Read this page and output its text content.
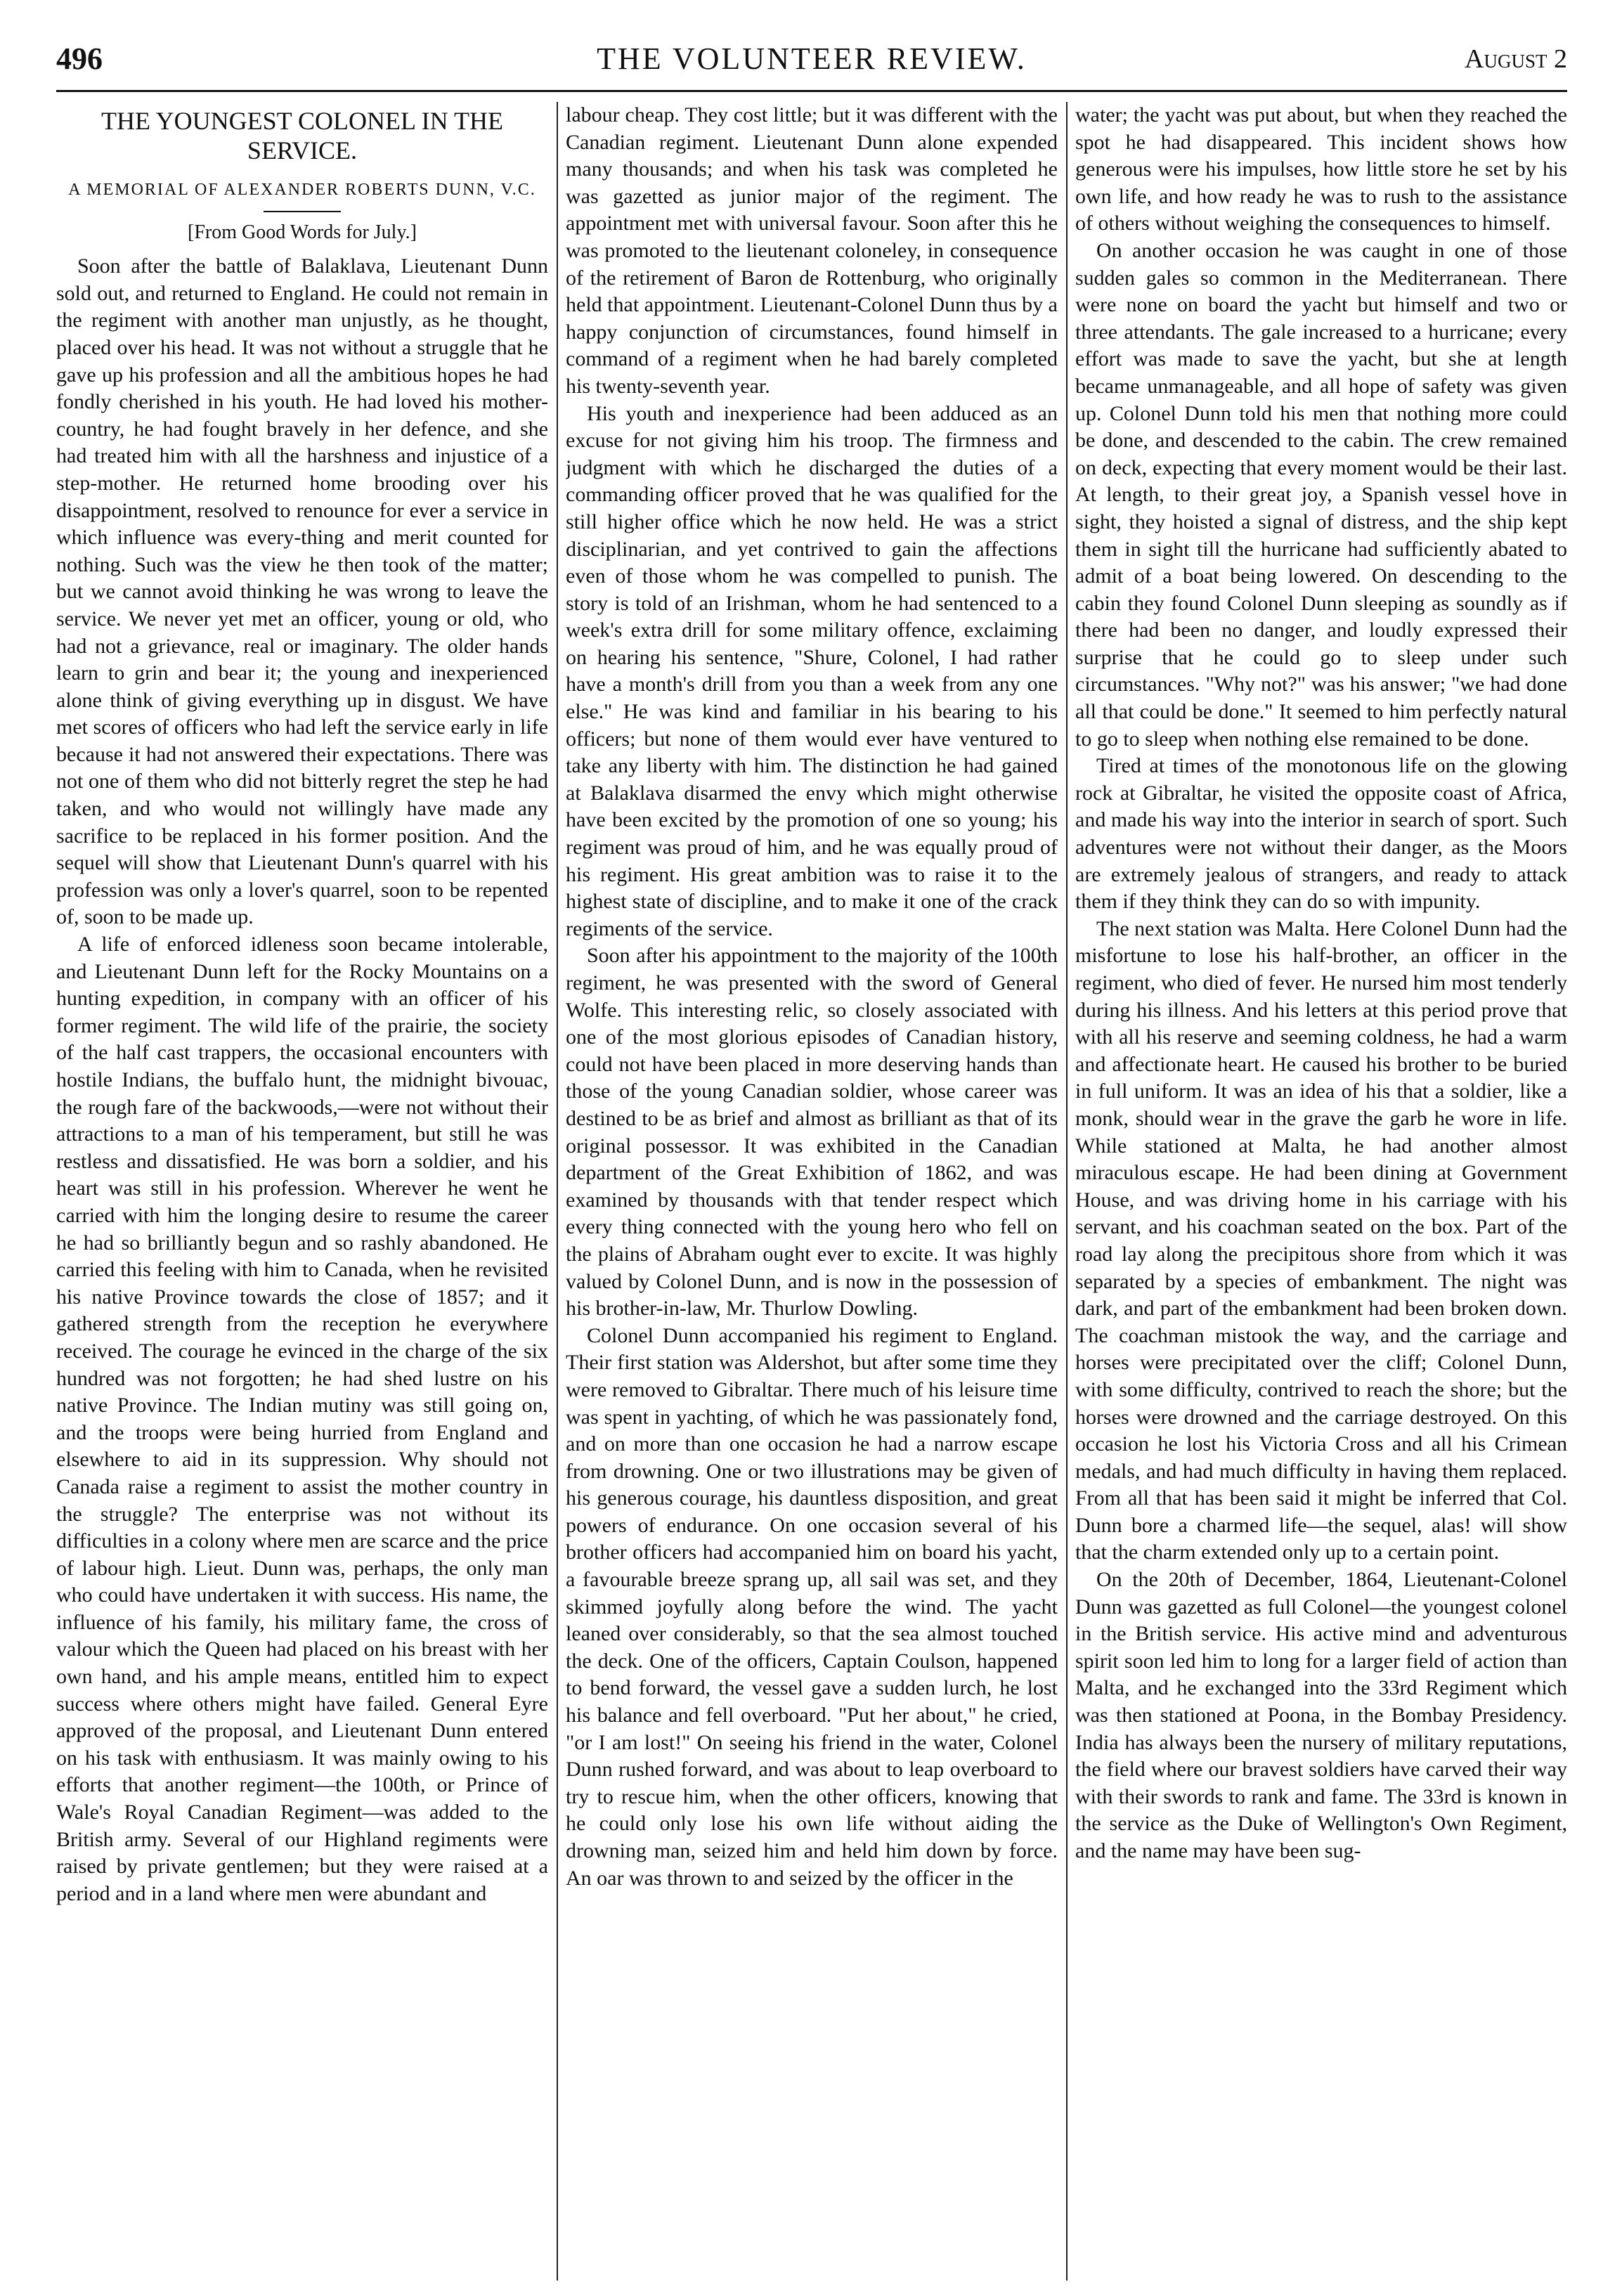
496	THE VOLUNTEER REVIEW.	August 2
THE YOUNGEST COLONEL IN THE SERVICE.
A MEMORIAL OF ALEXANDER ROBERTS DUNN, V.C.
[From Good Words for July.]

Soon after the battle of Balaklava, Lieutenant Dunn sold out, and returned to England. He could not remain in the regiment with another man unjustly, as he thought, placed over his head. It was not without a struggle that he gave up his profession and all the ambitious hopes he had fondly cherished in his youth. He had loved his mother-country, he had fought bravely in her defence, and she had treated him with all the harshness and injustice of a step-mother. He returned home brooding over his disappointment, resolved to renounce for ever a service in which influence was every-thing and merit counted for nothing. Such was the view he then took of the matter; but we cannot avoid thinking he was wrong to leave the service. We never yet met an officer, young or old, who had not a grievance, real or imaginary. The older hands learn to grin and bear it; the young and inexperienced alone think of giving everything up in disgust. We have met scores of officers who had left the service early in life because it had not answered their expectations. There was not one of them who did not bitterly regret the step he had taken, and who would not willingly have made any sacrifice to be replaced in his former position. And the sequel will show that Lieutenant Dunn's quarrel with his profession was only a lover's quarrel, soon to be repented of, soon to be made up.

A life of enforced idleness soon became intolerable, and Lieutenant Dunn left for the Rocky Mountains on a hunting expedition, in company with an officer of his former regiment. The wild life of the prairie, the society of the half cast trappers, the occasional encounters with hostile Indians, the buffalo hunt, the midnight bivouac, the rough fare of the backwoods,—were not without their attractions to a man of his temperament, but still he was restless and dissatisfied. He was born a soldier, and his heart was still in his profession. Wherever he went he carried with him the longing desire to resume the career he had so brilliantly begun and so rashly abandoned. He carried this feeling with him to Canada, when he revisited his native Province towards the close of 1857; and it gathered strength from the reception he everywhere received. The courage he evinced in the charge of the six hundred was not forgotten; he had shed lustre on his native Province. The Indian mutiny was still going on, and the troops were being hurried from England and elsewhere to aid in its suppression. Why should not Canada raise a regiment to assist the mother country in the struggle? The enterprise was not without its difficulties in a colony where men are scarce and the price of labour high. Lieut. Dunn was, perhaps, the only man who could have undertaken it with success. His name, the influence of his family, his military fame, the cross of valour which the Queen had placed on his breast with her own hand, and his ample means, entitled him to expect success where others might have failed. General Eyre approved of the proposal, and Lieutenant Dunn entered on his task with enthusiasm. It was mainly owing to his efforts that another regiment—the 100th, or Prince of Wale's Royal Canadian Regiment—was added to the British army. Several of our Highland regiments were raised by private gentlemen; but they were raised at a period and in a land where men were abundant and

labour cheap. They cost little; but it was different with the Canadian regiment. Lieutenant Dunn alone expended many thousands; and when his task was completed he was gazetted as junior major of the regiment. The appointment met with universal favour. Soon after this he was promoted to the lieutenant coloneley, in consequence of the retirement of Baron de Rottenburg, who originally held that appointment. Lieutenant-Colonel Dunn thus by a happy conjunction of circumstances, found himself in command of a regiment when he had barely completed his twenty-seventh year.

His youth and inexperience had been adduced as an excuse for not giving him his troop. The firmness and judgment with which he discharged the duties of a commanding officer proved that he was qualified for the still higher office which he now held. He was a strict disciplinarian, and yet contrived to gain the affections even of those whom he was compelled to punish. The story is told of an Irishman, whom he had sentenced to a week's extra drill for some military offence, exclaiming on hearing his sentence, "Shure, Colonel, I had rather have a month's drill from you than a week from any one else." He was kind and familiar in his bearing to his officers; but none of them would ever have ventured to take any liberty with him. The distinction he had gained at Balaklava disarmed the envy which might otherwise have been excited by the promotion of one so young; his regiment was proud of him, and he was equally proud of his regiment. His great ambition was to raise it to the highest state of discipline, and to make it one of the crack regiments of the service.

Soon after his appointment to the majority of the 100th regiment, he was presented with the sword of General Wolfe. This interesting relic, so closely associated with one of the most glorious episodes of Canadian history, could not have been placed in more deserving hands than those of the young Canadian soldier, whose career was destined to be as brief and almost as brilliant as that of its original possessor. It was exhibited in the Canadian department of the Great Exhibition of 1862, and was examined by thousands with that tender respect which every thing connected with the young hero who fell on the plains of Abraham ought ever to excite. It was highly valued by Colonel Dunn, and is now in the possession of his brother-in-law, Mr. Thurlow Dowling.

Colonel Dunn accompanied his regiment to England. Their first station was Aldershot, but after some time they were removed to Gibraltar. There much of his leisure time was spent in yachting, of which he was passionately fond, and on more than one occasion he had a narrow escape from drowning. One or two illustrations may be given of his generous courage, his dauntless disposition, and great powers of endurance. On one occasion several of his brother officers had accompanied him on board his yacht, a favourable breeze sprang up, all sail was set, and they skimmed joyfully along before the wind. The yacht leaned over considerably, so that the sea almost touched the deck. One of the officers, Captain Coulson, happened to bend forward, the vessel gave a sudden lurch, he lost his balance and fell overboard. "Put her about," he cried, "or I am lost!" On seeing his friend in the water, Colonel Dunn rushed forward, and was about to leap overboard to try to rescue him, when the other officers, knowing that he could only lose his own life without aiding the drowning man, seized him and held him down by force. An oar was thrown to and seized by the officer in the

water; the yacht was put about, but when they reached the spot he had disappeared. This incident shows how generous were his impulses, how little store he set by his own life, and how ready he was to rush to the assistance of others without weighing the consequences to himself.

On another occasion he was caught in one of those sudden gales so common in the Mediterranean. There were none on board the yacht but himself and two or three attendants. The gale increased to a hurricane; every effort was made to save the yacht, but she at length became unmanageable, and all hope of safety was given up. Colonel Dunn told his men that nothing more could be done, and descended to the cabin. The crew remained on deck, expecting that every moment would be their last. At length, to their great joy, a Spanish vessel hove in sight, they hoisted a signal of distress, and the ship kept them in sight till the hurricane had sufficiently abated to admit of a boat being lowered. On descending to the cabin they found Colonel Dunn sleeping as soundly as if there had been no danger, and loudly expressed their surprise that he could go to sleep under such circumstances. "Why not?" was his answer; "we had done all that could be done." It seemed to him perfectly natural to go to sleep when nothing else remained to be done.

Tired at times of the monotonous life on the glowing rock at Gibraltar, he visited the opposite coast of Africa, and made his way into the interior in search of sport. Such adventures were not without their danger, as the Moors are extremely jealous of strangers, and ready to attack them if they think they can do so with impunity.

The next station was Malta. Here Colonel Dunn had the misfortune to lose his half-brother, an officer in the regiment, who died of fever. He nursed him most tenderly during his illness. And his letters at this period prove that with all his reserve and seeming coldness, he had a warm and affectionate heart. He caused his brother to be buried in full uniform. It was an idea of his that a soldier, like a monk, should wear in the grave the garb he wore in life. While stationed at Malta, he had another almost miraculous escape. He had been dining at Government House, and was driving home in his carriage with his servant, and his coachman seated on the box. Part of the road lay along the precipitous shore from which it was separated by a species of embankment. The night was dark, and part of the embankment had been broken down. The coachman mistook the way, and the carriage and horses were precipitated over the cliff; Colonel Dunn, with some difficulty, contrived to reach the shore; but the horses were drowned and the carriage destroyed. On this occasion he lost his Victoria Cross and all his Crimean medals, and had much difficulty in having them replaced. From all that has been said it might be inferred that Col. Dunn bore a charmed life—the sequel, alas! will show that the charm extended only up to a certain point.

On the 20th of December, 1864, Lieutenant-Colonel Dunn was gazetted as full Colonel—the youngest colonel in the British service. His active mind and adventurous spirit soon led him to long for a larger field of action than Malta, and he exchanged into the 33rd Regiment which was then stationed at Poona, in the Bombay Presidency. India has always been the nursery of military reputations, the field where our bravest soldiers have carved their way with their swords to rank and fame. The 33rd is known in the service as the Duke of Wellington's Own Regiment, and the name may have been sug-
